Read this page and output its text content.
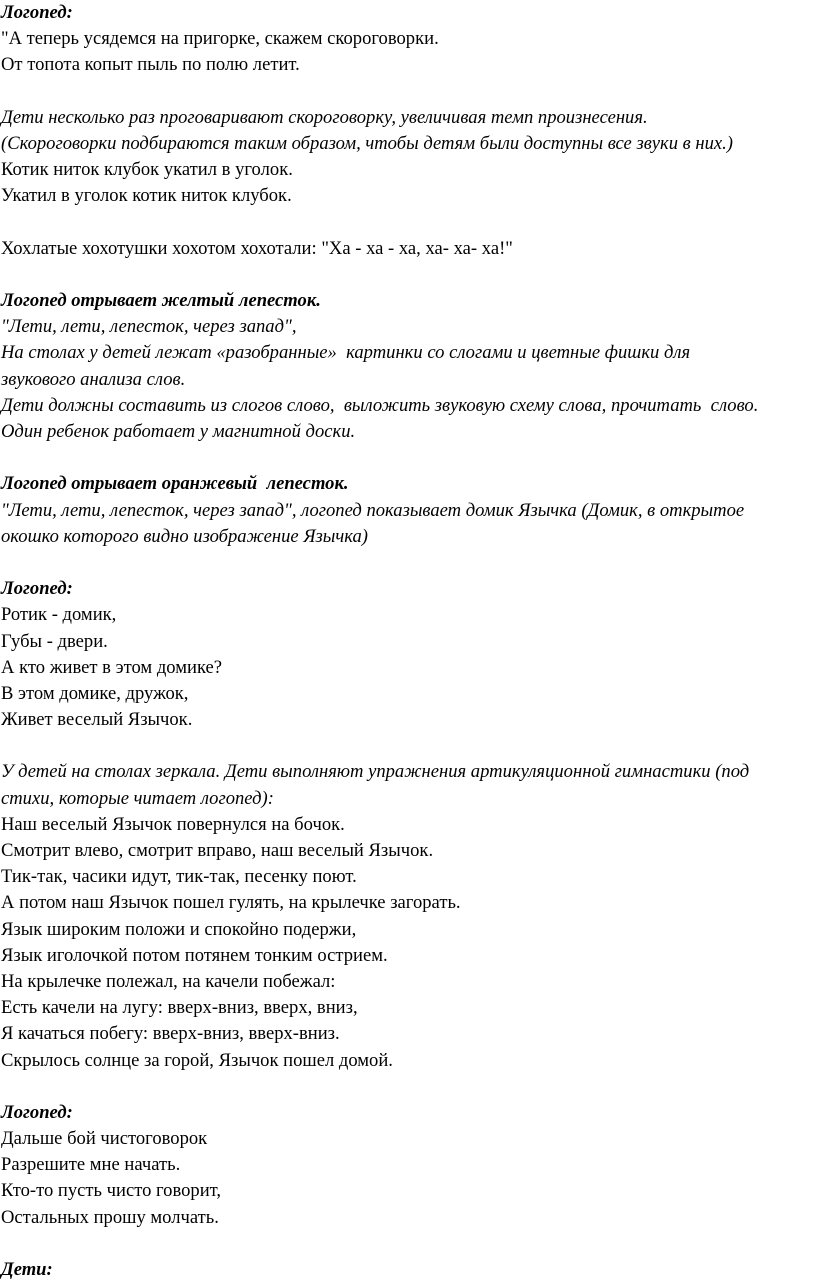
Логопед:
"А теперь усядемся на пригорке, скажем скороговорки.
От топота копыт пыль по полю летит.
Дети несколько раз проговаривают скороговорку, увеличивая темп произнесения.
(Скороговорки подбираются таким образом, чтобы детям были доступны все звуки в них.)
Котик ниток клубок укатил в уголок.
Укатил в уголок котик ниток клубок.
Хохлатые хохотушки хохотом хохотали: "Ха - ха - ха, ха- ха- ха!"
Логопед отрывает желтый лепесток.
"Лети, лети, лепесток, через запад",
На столах у детей лежат «разобранные»  картинки со слогами и цветные фишки для
звукового анализа слов.
Дети должны составить из слогов слово,  выложить звуковую схему слова, прочитать  слово.
Один ребенок работает у магнитной доски.
Логопед отрывает оранжевый  лепесток.
"Лети, лети, лепесток, через запад", логопед показывает домик Язычка (Домик, в открытое
окошко которого видно изображение Язычка)
Логопед:
Ротик - домик,
Губы - двери.
А кто живет в этом домике?
В этом домике, дружок,
Живет веселый Язычок.
У детей на столах зеркала. Дети выполняют упражнения артикуляционной гимнастики (под
стихи, которые читает логопед):
Наш веселый Язычок повернулся на бочок.
Смотрит влево, смотрит вправо, наш веселый Язычок.
Тик-так, часики идут, тик-так, песенку поют.
А потом наш Язычок пошел гулять, на крылечке загорать.
Язык широким положи и спокойно подержи,
Язык иголочкой потом потянем тонким острием.
На крылечке полежал, на качели побежал:
Есть качели на лугу: вверх-вниз, вверх, вниз,
Я качаться побегу: вверх-вниз, вверх-вниз.
Скрылось солнце за горой, Язычок пошел домой.
Логопед:
Дальше бой чистоговорок
Разрешите мне начать.
Кто-то пусть чисто говорит,
Остальных прошу молчать.
Дети:
